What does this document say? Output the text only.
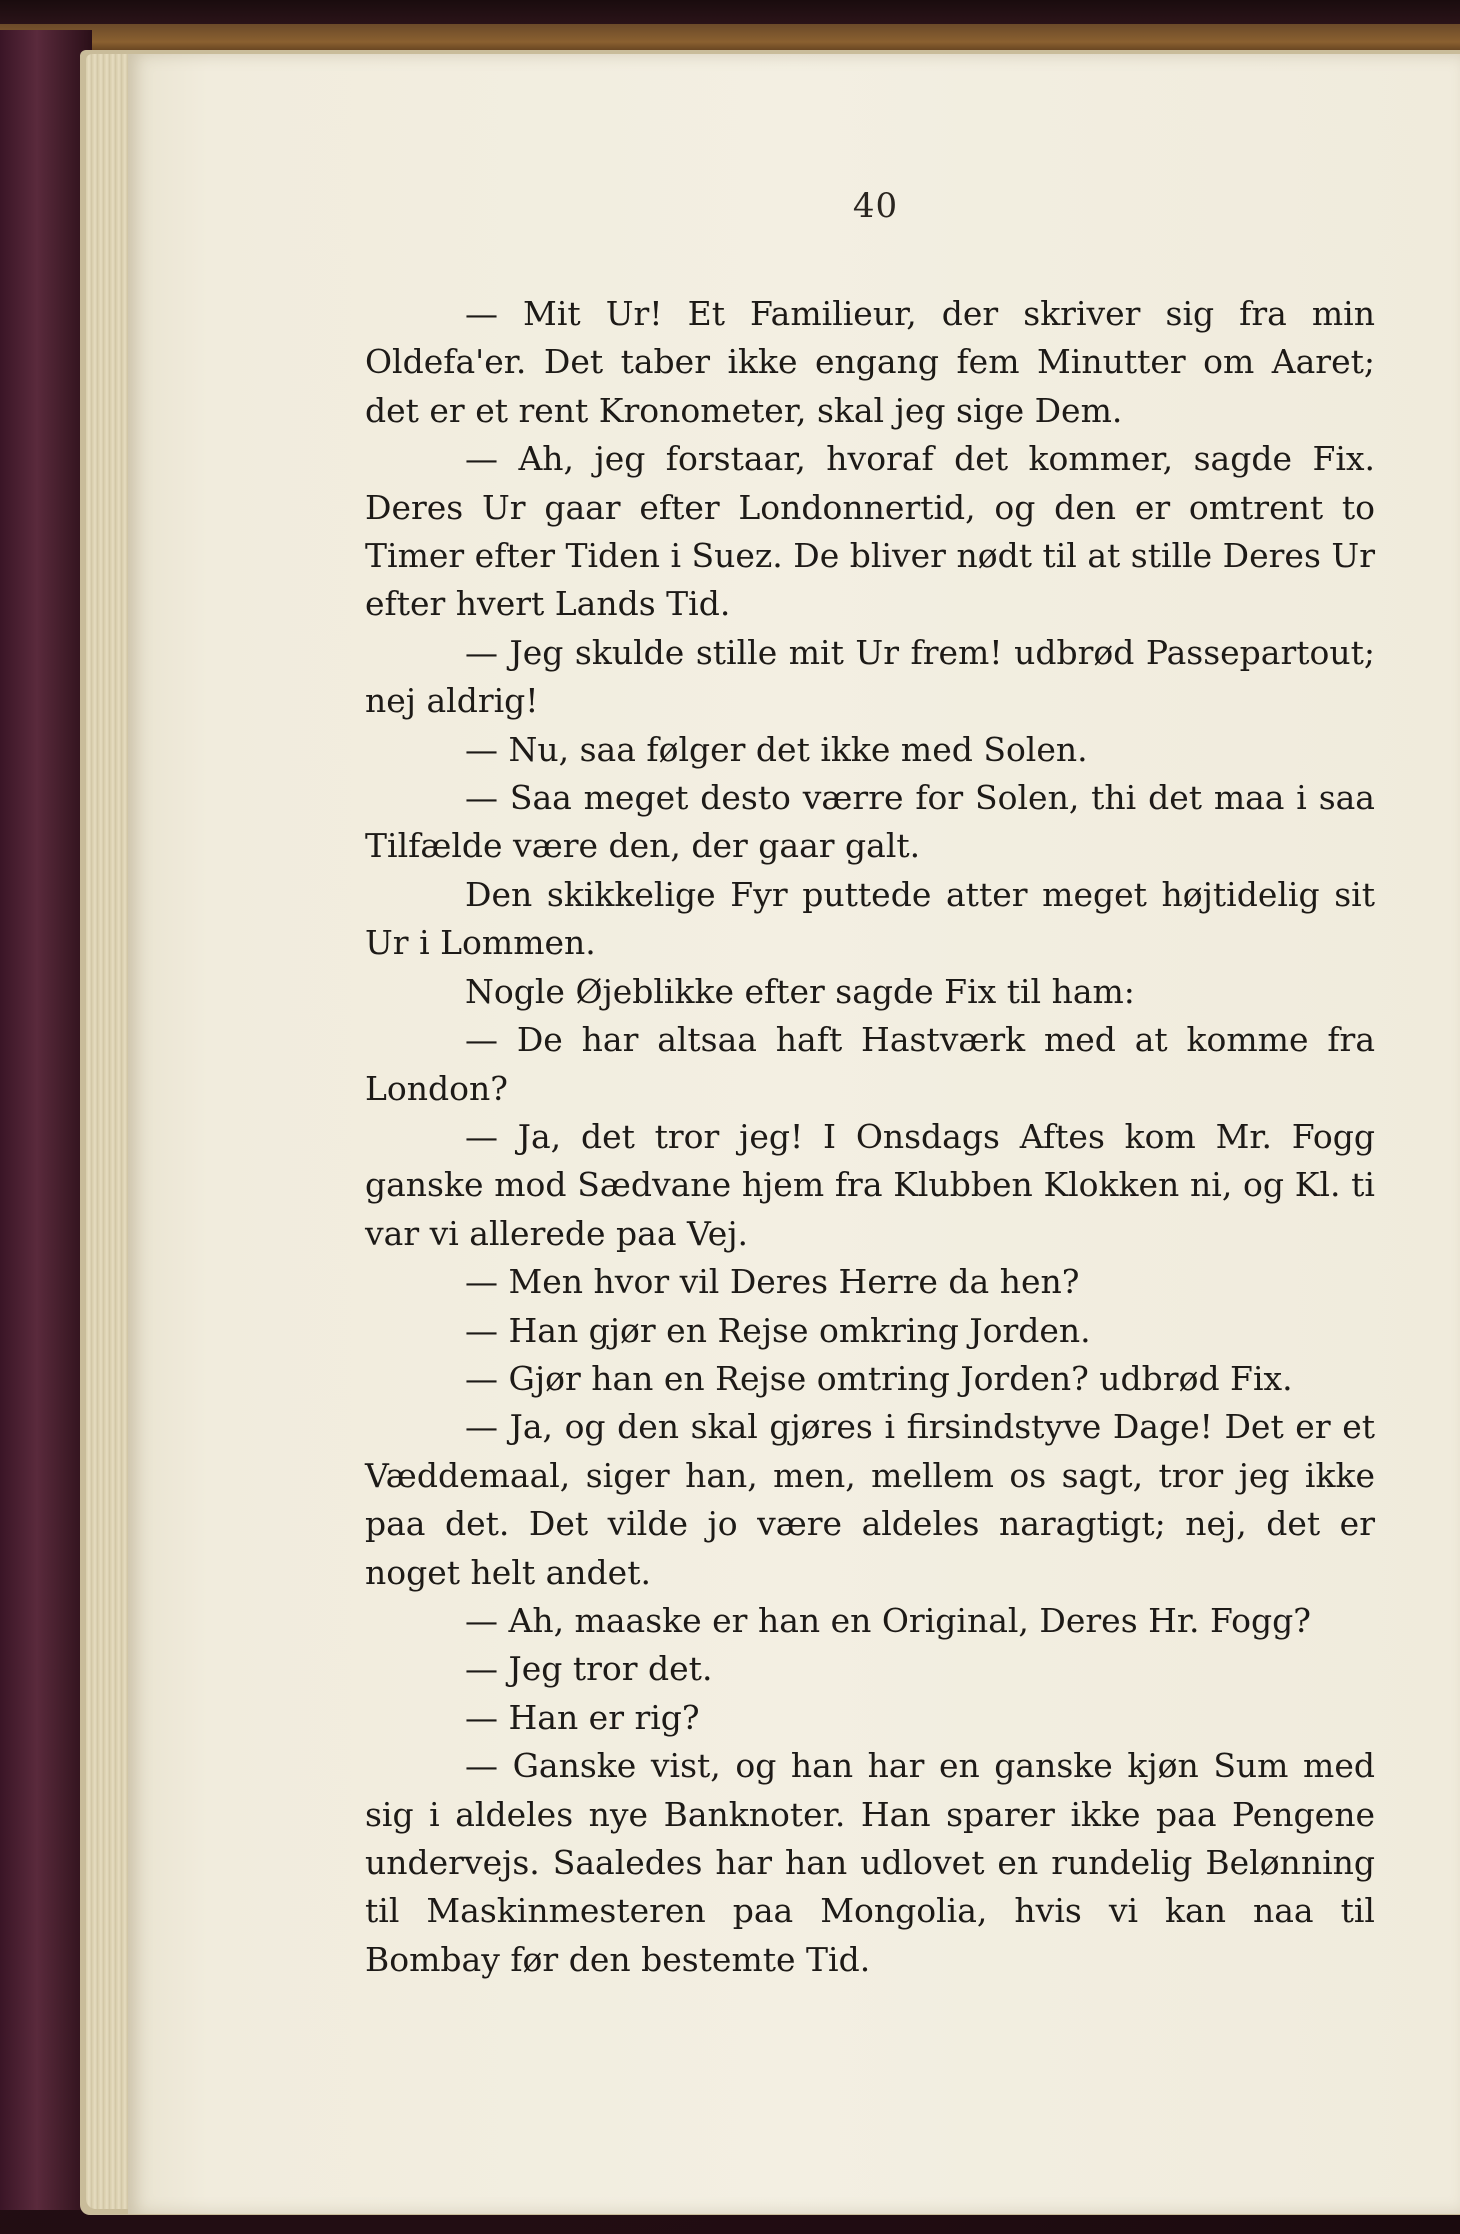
40

— Mit Ur! Et Familieur, der skriver sig fra min Oldefa'er. Det taber ikke engang fem Minutter om Aaret; det er et rent Kronometer, skal jeg sige Dem.

— Ah, jeg forstaar, hvoraf det kommer, sagde Fix. Deres Ur gaar efter Londonnertid, og den er omtrent to Timer efter Tiden i Suez. De bliver nødt til at stille Deres Ur efter hvert Lands Tid.

— Jeg skulde stille mit Ur frem! udbrød Passepartout; nej aldrig!

— Nu, saa følger det ikke med Solen.

— Saa meget desto værre for Solen, thi det maa i saa Tilfælde være den, der gaar galt.

Den skikkelige Fyr puttede atter meget højtidelig sit Ur i Lommen.

Nogle Øjeblikke efter sagde Fix til ham:

— De har altsaa haft Hastværk med at komme fra London?

— Ja, det tror jeg! I Onsdags Aftes kom Mr. Fogg ganske mod Sædvane hjem fra Klubben Klokken ni, og Kl. ti var vi allerede paa Vej.

— Men hvor vil Deres Herre da hen?

— Han gjør en Rejse omkring Jorden.

— Gjør han en Rejse omtring Jorden? udbrød Fix.

— Ja, og den skal gjøres i firsindstyve Dage! Det er et Væddemaal, siger han, men, mellem os sagt, tror jeg ikke paa det. Det vilde jo være aldeles naragtigt; nej, det er noget helt andet.

— Ah, maaske er han en Original, Deres Hr. Fogg?

— Jeg tror det.

— Han er rig?

— Ganske vist, og han har en ganske kjøn Sum med sig i aldeles nye Banknoter. Han sparer ikke paa Pengene undervejs. Saaledes har han udlovet en rundelig Belønning til Maskinmesteren paa Mongolia, hvis vi kan naa til Bombay før den bestemte Tid.
